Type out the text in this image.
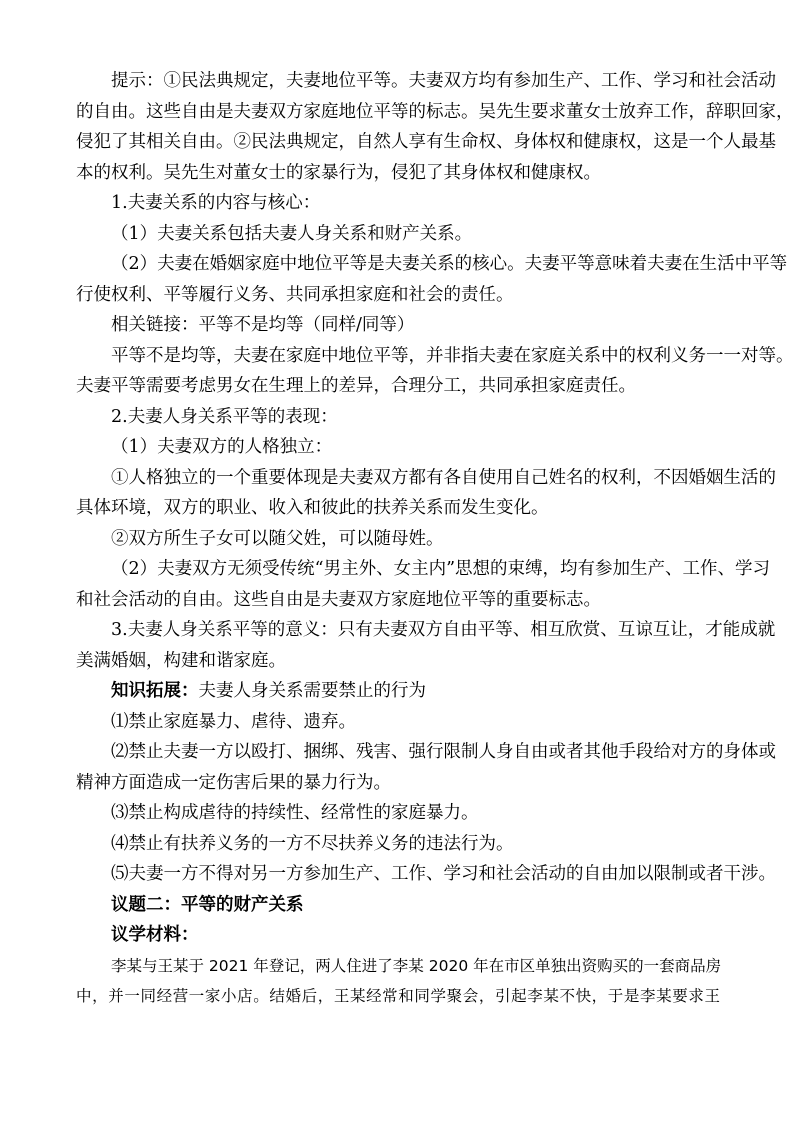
提示：①民法典规定，夫妻地位平等。夫妻双方均有参加生产、工作、学习和社会活动

的自由。这些自由是夫妻双方家庭地位平等的标志。吴先生要求董女士放弃工作，辞职回家，

侵犯了其相关自由。②民法典规定，自然人享有生命权、身体权和健康权，这是一个人最基

本的权利。吴先生对董女士的家暴行为，侵犯了其身体权和健康权。

1.夫妻关系的内容与核心：

（1）夫妻关系包括夫妻人身关系和财产关系。

（2）夫妻在婚姻家庭中地位平等是夫妻关系的核心。夫妻平等意味着夫妻在生活中平等

行使权利、平等履行义务、共同承担家庭和社会的责任。

相关链接：平等不是均等（同样/同等）

平等不是均等，夫妻在家庭中地位平等，并非指夫妻在家庭关系中的权利义务一一对等。

夫妻平等需要考虑男女在生理上的差异，合理分工，共同承担家庭责任。

2.夫妻人身关系平等的表现：

（1）夫妻双方的人格独立：

①人格独立的一个重要体现是夫妻双方都有各自使用自己姓名的权利，不因婚姻生活的

具体环境，双方的职业、收入和彼此的扶养关系而发生变化。

②双方所生子女可以随父姓，可以随母姓。

（2）夫妻双方无须受传统“男主外、女主内”思想的束缚，均有参加生产、工作、学习

和社会活动的自由。这些自由是夫妻双方家庭地位平等的重要标志。

3.夫妻人身关系平等的意义：只有夫妻双方自由平等、相互欣赏、互谅互让，才能成就

美满婚姻，构建和谐家庭。

知识拓展：夫妻人身关系需要禁止的行为

⑴禁止家庭暴力、虐待、遗弃。

⑵禁止夫妻一方以殴打、捆绑、残害、强行限制人身自由或者其他手段给对方的身体或

精神方面造成一定伤害后果的暴力行为。

⑶禁止构成虐待的持续性、经常性的家庭暴力。

⑷禁止有扶养义务的一方不尽扶养义务的违法行为。

⑸夫妻一方不得对另一方参加生产、工作、学习和社会活动的自由加以限制或者干涉。

议题二：平等的财产关系

议学材料：

李某与王某于 2021 年登记，两人住进了李某 2020 年在市区单独出资购买的一套商品房

中，并一同经营一家小店。结婚后，王某经常和同学聚会，引起李某不快，于是李某要求王
